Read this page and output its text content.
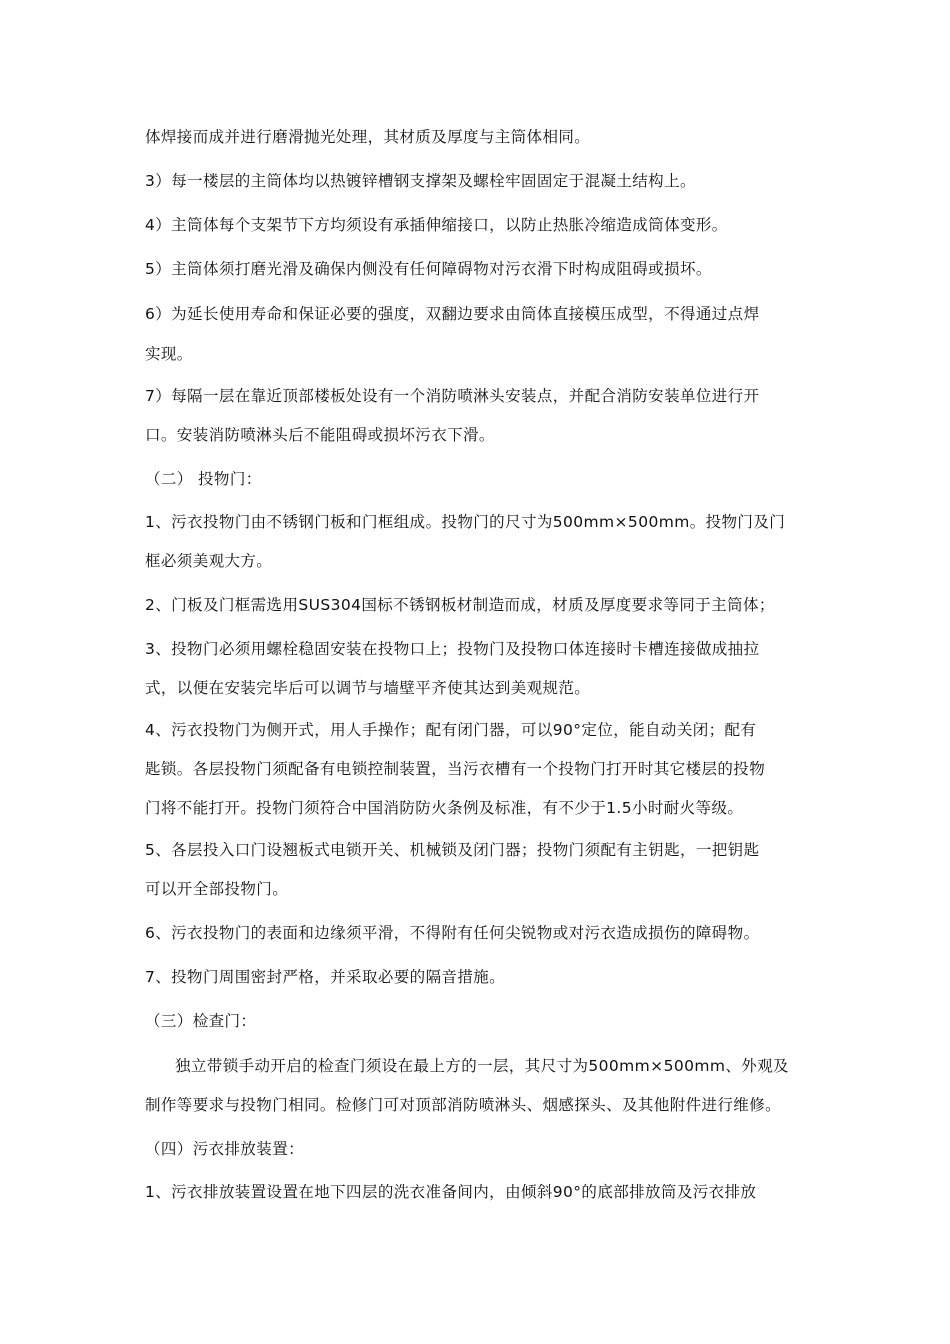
体焊接而成并进行磨滑抛光处理，其材质及厚度与主筒体相同。
3）每一楼层的主筒体均以热镀锌槽钢支撑架及螺栓牢固固定于混凝土结构上。
4）主筒体每个支架节下方均须设有承插伸缩接口，以防止热胀冷缩造成筒体变形。
5）主筒体须打磨光滑及确保内侧没有任何障碍物对污衣滑下时构成阻碍或损坏。
6）为延长使用寿命和保证必要的强度，双翻边要求由筒体直接模压成型，不得通过点焊
实现。
7）每隔一层在靠近顶部楼板处设有一个消防喷淋头安装点，并配合消防安装单位进行开
口。安装消防喷淋头后不能阻碍或损坏污衣下滑。
（二） 投物门：
1、污衣投物门由不锈钢门板和门框组成。投物门的尺寸为500mm×500mm。投物门及门
框必须美观大方。
2、门板及门框需选用SUS304国标不锈钢板材制造而成，材质及厚度要求等同于主筒体；
3、投物门必须用螺栓稳固安装在投物口上；投物门及投物口体连接时卡槽连接做成抽拉
式，以便在安装完毕后可以调节与墙壁平齐使其达到美观规范。
4、污衣投物门为侧开式，用人手操作；配有闭门器，可以90°定位，能自动关闭；配有
匙锁。各层投物门须配备有电锁控制装置，当污衣槽有一个投物门打开时其它楼层的投物
门将不能打开。投物门须符合中国消防防火条例及标准，有不少于1.5小时耐火等级。
5、各层投入口门设翘板式电锁开关、机械锁及闭门器；投物门须配有主钥匙，一把钥匙
可以开全部投物门。
6、污衣投物门的表面和边缘须平滑，不得附有任何尖锐物或对污衣造成损伤的障碍物。
7、投物门周围密封严格，并采取必要的隔音措施。
（三）检查门：
独立带锁手动开启的检查门须设在最上方的一层，其尺寸为500mm×500mm、外观及
制作等要求与投物门相同。检修门可对顶部消防喷淋头、烟感探头、及其他附件进行维修。
（四）污衣排放装置：
1、污衣排放装置设置在地下四层的洗衣准备间内，由倾斜90°的底部排放筒及污衣排放
